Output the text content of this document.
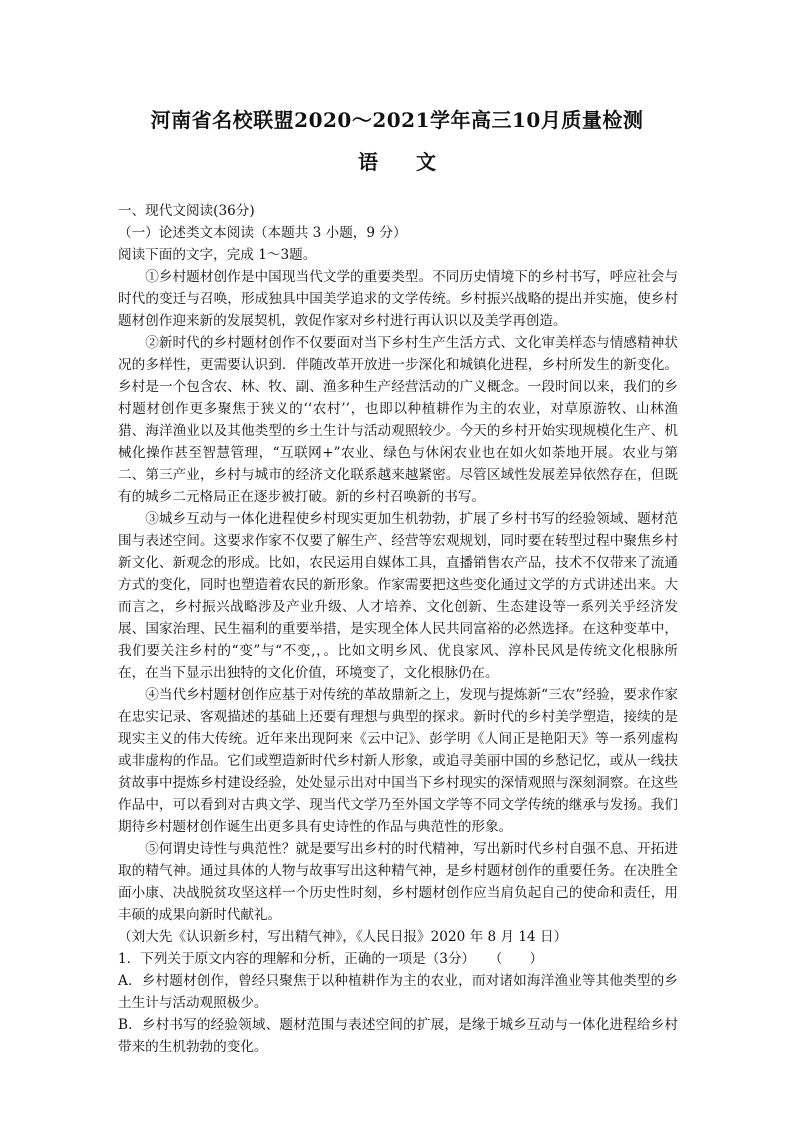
河南省名校联盟2020～2021学年高三10月质量检测
语文
一、现代文阅读(36分)
（一）论述类文本阅读（本题共 3 小题，9 分）
阅读下面的文字，完成 1～3题。
①乡村题材创作是中国现当代文学的重要类型。不同历史情境下的乡村书写，呼应社会与时代的变迁与召唤，形成独具中国美学追求的文学传统。乡村振兴战略的提出并实施，使乡村题材创作迎来新的发展契机，敦促作家对乡村进行再认识以及美学再创造。
②新时代的乡村题材创作不仅要面对当下乡村生产生活方式、文化审美样态与情感精神状况的多样性，更需要认识到．伴随改革开放进一步深化和城镇化进程，乡村所发生的新变化。乡村是一个包含农、林、牧、副、渔多种生产经营活动的广义概念。一段时间以来，我们的乡村题材创作更多聚焦于狭义的‘‘农村’’，也即以种植耕作为主的农业，对草原游牧、山林渔猎、海洋渔业以及其他类型的乡土生计与活动观照较少。今天的乡村开始实现规模化生产、机械化操作甚至智慧管理，“互联网+”农业、绿色与休闲农业也在如火如荼地开展。农业与第二、第三产业，乡村与城市的经济文化联系越来越紧密。尽管区域性发展差异依然存在，但既有的城乡二元格局正在逐步被打破。新的乡村召唤新的书写。
③城乡互动与一体化进程使乡村现实更加生机勃勃，扩展了乡村书写的经验领域、题材范围与表述空间。这要求作家不仅要了解生产、经营等宏观规划，同时要在转型过程中聚焦乡村新文化、新观念的形成。比如，农民运用自媒体工具，直播销售农产品，技术不仅带来了流通方式的变化，同时也塑造着农民的新形象。作家需要把这些变化通过文学的方式讲述出来。大而言之，乡村振兴战略涉及产业升级、人才培养、文化创新、生态建设等一系列关乎经济发展、国家治理、民生福利的重要举措，是实现全体人民共同富裕的必然选择。在这种变革中，我们要关注乡村的“变”与“不变,，。比如文明乡风、优良家风、淳朴民风是传统文化根脉所在，在当下显示出独特的文化价值，环境变了，文化根脉仍在。
④当代乡村题材创作应基于对传统的革故鼎新之上，发现与提炼新“三农”经验，要求作家在忠实记录、客观描述的基础上还要有理想与典型的探求。新时代的乡村美学塑造，接续的是现实主义的伟大传统。近年来出现阿来《云中记》、彭学明《人间正是艳阳天》等一系列虚构或非虚构的作品。它们或塑造新时代乡村新人形象，或追寻美丽中国的乡愁记忆，或从一线扶贫故事中提炼乡村建设经验，处处显示出对中国当下乡村现实的深情观照与深刻洞察。在这些作品中，可以看到对古典文学、现当代文学乃至外国文学等不同文学传统的继承与发扬。我们期待乡村题材创作诞生出更多具有史诗性的作品与典范性的形象。
⑤何谓史诗性与典范性？就是要写出乡村的时代精神，写出新时代乡村自强不息、开拓进取的精气神。通过具体的人物与故事写出这种精气神，是乡村题材创作的重要任务。在决胜全面小康、决战脱贫攻坚这样一个历史性时刻，乡村题材创作应当肩负起自己的使命和责任，用丰硕的成果向新时代献礼。
（刘大先《认识新乡村，写出精气神》，《人民日报》2020 年 8 月 14 日）
1．下列关于原文内容的理解和分析，正确的一项是（3分）　　（　　）
A．乡村题材创作，曾经只聚焦于以种植耕作为主的农业，而对诸如海洋渔业等其他类型的乡土生计与活动观照极少。
B．乡村书写的经验领域、题材范围与表述空间的扩展，是缘于城乡互动与一体化进程给乡村带来的生机勃勃的变化。
